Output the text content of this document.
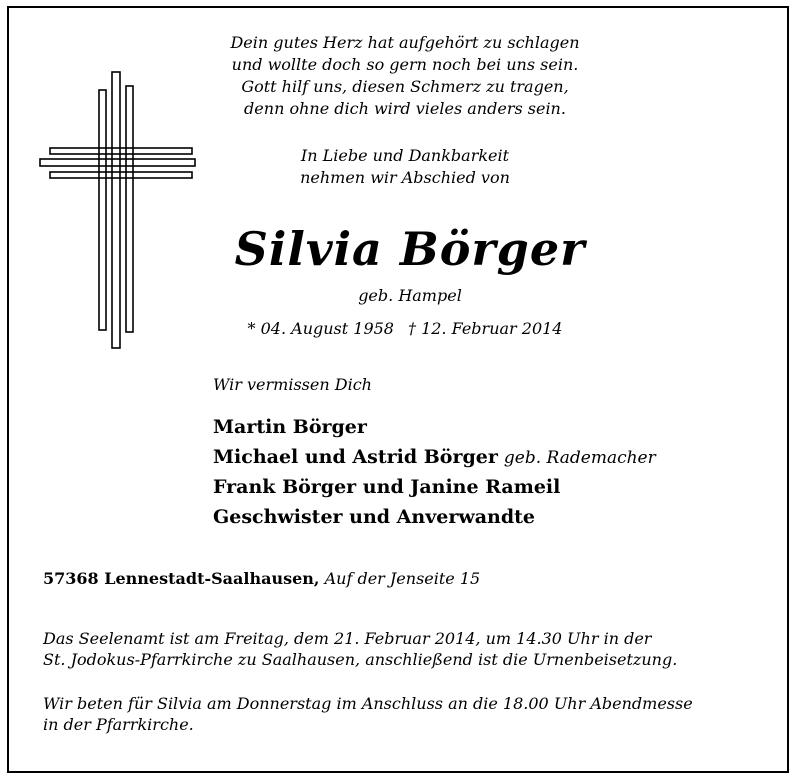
Dein gutes Herz hat aufgehört zu schlagen
und wollte doch so gern noch bei uns sein.
Gott hilf uns, diesen Schmerz zu tragen,
denn ohne dich wird vieles anders sein.
In Liebe und Dankbarkeit
nehmen wir Abschied von
Silvia Börger
geb. Hampel
* 04. August 1958 † 12. Februar 2014
Wir vermissen Dich
Martin Börger
Michael und Astrid Börger geb. Rademacher
Frank Börger und Janine Rameil
Geschwister und Anverwandte
57368 Lennestadt-Saalhausen, Auf der Jenseite 15
Das Seelenamt ist am Freitag, dem 21. Februar 2014, um 14.30 Uhr in der
St. Jodokus-Pfarrkirche zu Saalhausen, anschließend ist die Urnenbeisetzung.
Wir beten für Silvia am Donnerstag im Anschluss an die 18.00 Uhr Abendmesse
in der Pfarrkirche.
